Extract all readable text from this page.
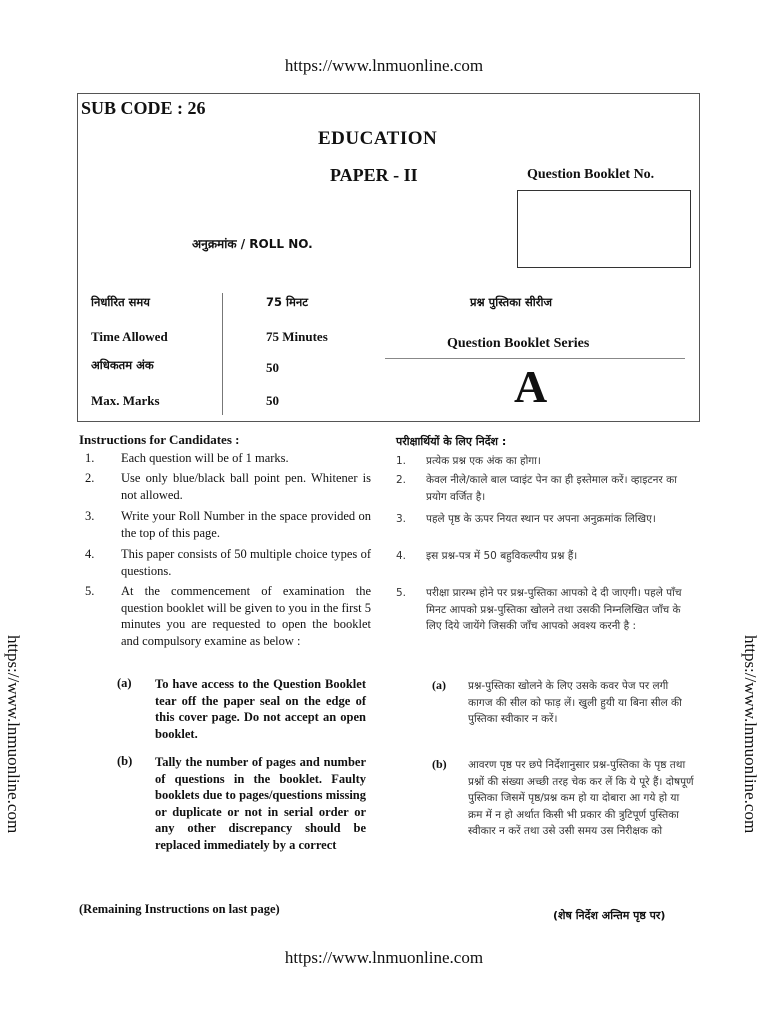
https://www.lnmuonline.com
https://www.lnmuonline.com
https://www.lnmuonline.com	https://www.lnmuonline.com
SUB CODE : 26
EDUCATION
PAPER - II	Question Booklet No.
अनुक्रमांक / ROLL NO.
निर्धारित समय	75 मिनट
Time Allowed	75 Minutes
अधिकतम अंक	50
Max. Marks	50
प्रश्न पुस्तिका सीरीज
Question Booklet Series
A
Instructions for Candidates :
1. Each question will be of 1 marks.
2. Use only blue/black ball point pen. Whitener is not allowed.
3. Write your Roll Number in the space provided on the top of this page.
4. This paper consists of 50 multiple choice types of questions.
5. At the commencement of examination the question booklet will be given to you in the first 5 minutes you are requested to open the booklet and compulsory examine as below :
(a) To have access to the Question Booklet tear off the paper seal on the edge of this cover page. Do not accept an open booklet.
(b) Tally the number of pages and number of questions in the booklet. Faulty booklets due to pages/questions missing or duplicate or not in serial order or any other discrepancy should be replaced immediately by a correct
(Remaining Instructions on last page)
परीक्षार्थियों के लिए निर्देश :
1. प्रत्येक प्रश्न एक अंक का होगा।
2. केवल नीले/काले बाल प्वाइंट पेन का ही इस्तेमाल करें। व्हाइटनर का प्रयोग वर्जित है।
3. पहले पृष्ठ के ऊपर नियत स्थान पर अपना अनुक्रमांक लिखिए।
4. इस प्रश्न-पत्र में 50 बहुविकल्पीय प्रश्न हैं।
5. परीक्षा प्रारम्भ होने पर प्रश्न-पुस्तिका आपको दे दी जाएगी। पहले पाँच मिनट आपको प्रश्न-पुस्तिका खोलने तथा उसकी निम्नलिखित जाँच के लिए दिये जायेंगे जिसकी जाँच आपको अवश्य करनी है :
(a) प्रश्न-पुस्तिका खोलने के लिए उसके कवर पेज पर लगी कागज की सील को फाड़ लें। खुली हुयी या बिना सील की पुस्तिका स्वीकार न करें।
(b) आवरण पृष्ठ पर छपे निर्देशानुसार प्रश्न-पुस्तिका के पृष्ठ तथा प्रश्नों की संख्या अच्छी तरह चेक कर लें कि ये पूरे हैं। दोषपूर्ण पुस्तिका जिसमें पृष्ठ/प्रश्न कम हो या दोबारा आ गये हो या क्रम में न हो अर्थात किसी भी प्रकार की त्रुटिपूर्ण पुस्तिका स्वीकार न करें तथा उसे उसी समय उस निरीक्षक को
(शेष निर्देश अन्तिम पृष्ठ पर)
